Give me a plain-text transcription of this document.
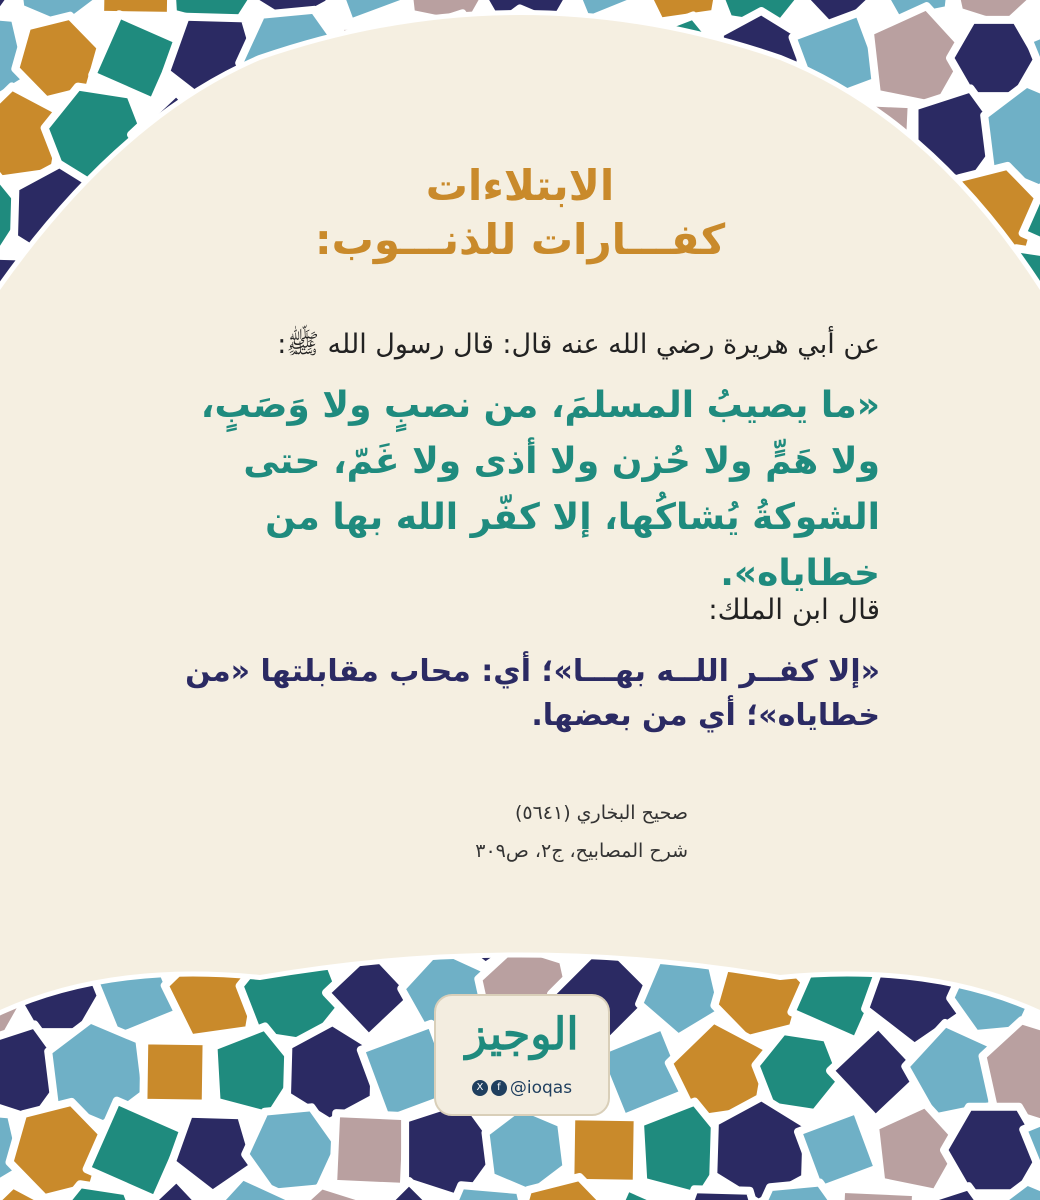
الابتلاءات
كفـــارات للذنـــوب:
عن أبي هريرة رضي الله عنه قال: قال رسول الله ﷺ:
«ما يصيبُ المسلمَ، من نصبٍ ولا وَصَبٍ، ولا هَمٍّ ولا حُزن ولا أذى ولا غَمّ، حتى الشوكةُ يُشاكُها، إلا كفّر الله بها من خطاياه».
قال ابن الملك:
«إلا كفــر اللــه بهـــا»؛ أي: محاب مقابلتها «من خطاياه»؛ أي من بعضها.
صحيح البخاري (٥٦٤١)
شرح المصابيح، ج٢، ص٣٠٩
الوجيز
X f @ioqas
